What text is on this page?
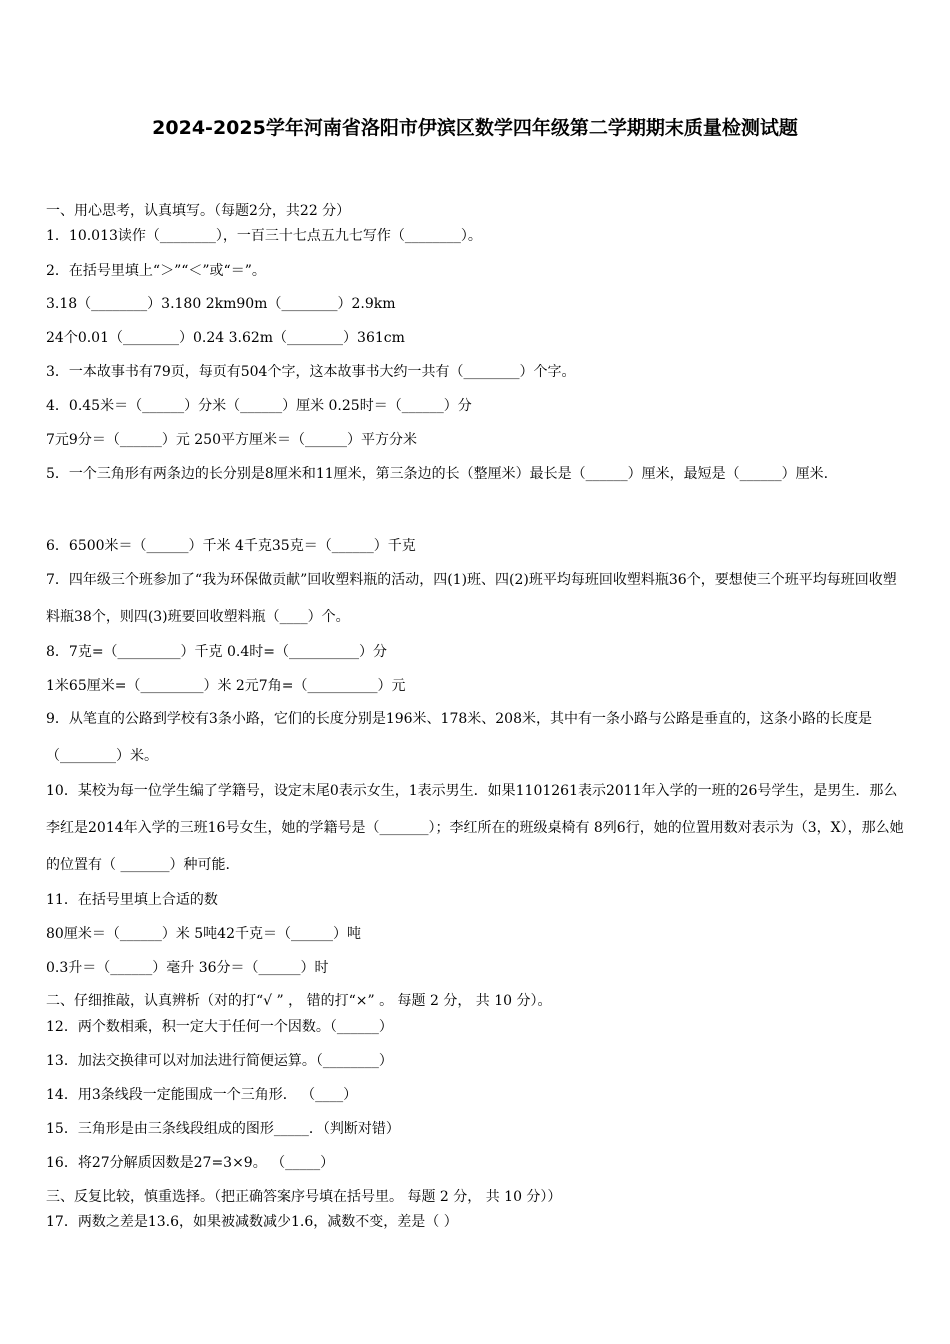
2024-2025学年河南省洛阳市伊滨区数学四年级第二学期期末质量检测试题
一、用心思考，认真填写。（每题2分，共22 分）
1．10.013读作（________），一百三十七点五九七写作（________）。
2．在括号里填上“＞”“＜”或“＝”。
3.18（________）3.180 2km90m（________）2.9km
24个0.01（________）0.24 3.62m（________）361cm
3．一本故事书有79页，每页有504个字，这本故事书大约一共有（________）个字。
4．0.45米＝（______）分米（______）厘米 0.25时＝（______）分
7元9分＝（______）元 250平方厘米＝（______）平方分米
5．一个三角形有两条边的长分别是8厘米和11厘米，第三条边的长（整厘米）最长是（______）厘米，最短是（______）厘米.
6．6500米＝（______）千米 4千克35克＝（______）千克
7．四年级三个班参加了“我为环保做贡献”回收塑料瓶的活动，四(1)班、四(2)班平均每班回收塑料瓶36个，要想使三个班平均每班回收塑料瓶38个，则四(3)班要回收塑料瓶（____）个。
8．7克=（_________）千克 0.4时=（__________）分
1米65厘米=（_________）米 2元7角=（__________）元
9．从笔直的公路到学校有3条小路，它们的长度分别是196米、178米、208米，其中有一条小路与公路是垂直的，这条小路的长度是（________）米。
10．某校为每一位学生编了学籍号，设定末尾0表示女生，1表示男生．如果1101261表示2011年入学的一班的26号学生，是男生．那么李红是2014年入学的三班16号女生，她的学籍号是（_______）；李红所在的班级桌椅有 8列6行，她的位置用数对表示为（3，X），那么她的位置有（ _______）种可能.
11．在括号里填上合适的数
80厘米＝（______）米 5吨42千克＝（______）吨
0.3升＝（______）毫升 36分＝（______）时
二、仔细推敲，认真辨析（对的打“√ ” ， 错的打“×” 。 每题 2 分， 共 10 分）。
12．两个数相乘，积一定大于任何一个因数。（______）
13．加法交换律可以对加法进行简便运算。（________）
14．用3条线段一定能围成一个三角形． （____）
15．三角形是由三条线段组成的图形_____．（判断对错）
16．将27分解质因数是27=3×9。 （_____）
三、反复比较，慎重选择。（把正确答案序号填在括号里。 每题 2 分， 共 10 分））
17．两数之差是13.6，如果被减数减少1.6，减数不变，差是（ ）
